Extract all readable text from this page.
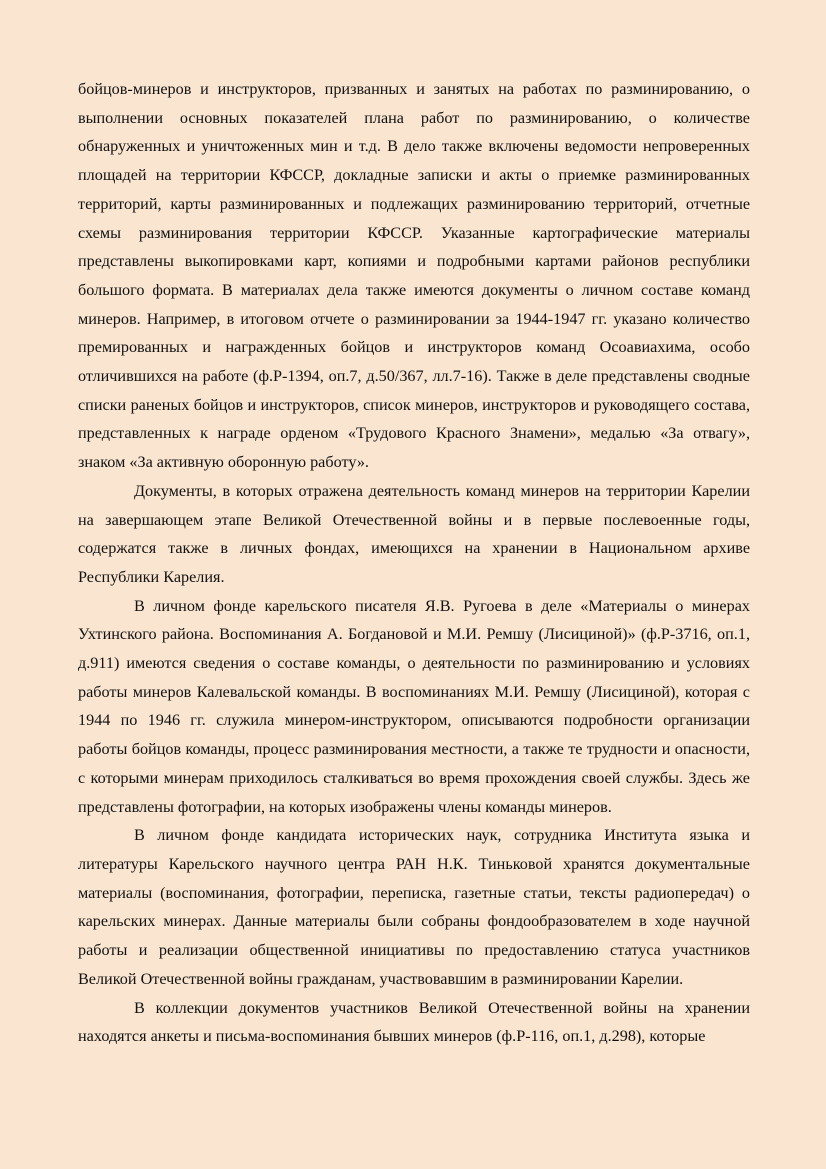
бойцов-минеров и инструкторов, призванных и занятых на работах по разминированию, о выполнении основных показателей плана работ по разминированию, о количестве обнаруженных и уничтоженных мин и т.д. В дело также включены ведомости непроверенных площадей на территории КФССР, докладные записки и акты о приемке разминированных территорий, карты разминированных и подлежащих разминированию территорий, отчетные схемы разминирования территории КФССР. Указанные картографические материалы представлены выкопировками карт, копиями и подробными картами районов республики большого формата. В материалах дела также имеются документы о личном составе команд минеров. Например, в итоговом отчете о разминировании за 1944-1947 гг. указано количество премированных и награжденных бойцов и инструкторов команд Осоавиахима, особо отличившихся на работе (ф.Р-1394, оп.7, д.50/367, лл.7-16). Также в деле представлены сводные списки раненых бойцов и инструкторов, список минеров, инструкторов и руководящего состава, представленных к награде орденом «Трудового Красного Знамени», медалью «За отвагу», знаком «За активную оборонную работу».

Документы, в которых отражена деятельность команд минеров на территории Карелии на завершающем этапе Великой Отечественной войны и в первые послевоенные годы, содержатся также в личных фондах, имеющихся на хранении в Национальном архиве Республики Карелия.

В личном фонде карельского писателя Я.В. Ругоева в деле «Материалы о минерах Ухтинского района. Воспоминания А. Богдановой и М.И. Ремшу (Лисициной)» (ф.Р-3716, оп.1, д.911) имеются сведения о составе команды, о деятельности по разминированию и условиях работы минеров Калевальской команды. В воспоминаниях М.И. Ремшу (Лисициной), которая с 1944 по 1946 гг. служила минером-инструктором, описываются подробности организации работы бойцов команды, процесс разминирования местности, а также те трудности и опасности, с которыми минерам приходилось сталкиваться во время прохождения своей службы. Здесь же представлены фотографии, на которых изображены члены команды минеров.

В личном фонде кандидата исторических наук, сотрудника Института языка и литературы Карельского научного центра РАН Н.К. Тиньковой хранятся документальные материалы (воспоминания, фотографии, переписка, газетные статьи, тексты радиопередач) о карельских минерах. Данные материалы были собраны фондообразователем в ходе научной работы и реализации общественной инициативы по предоставлению статуса участников Великой Отечественной войны гражданам, участвовавшим в разминировании Карелии.

В коллекции документов участников Великой Отечественной войны на хранении находятся анкеты и письма-воспоминания бывших минеров (ф.Р-116, оп.1, д.298), которые
